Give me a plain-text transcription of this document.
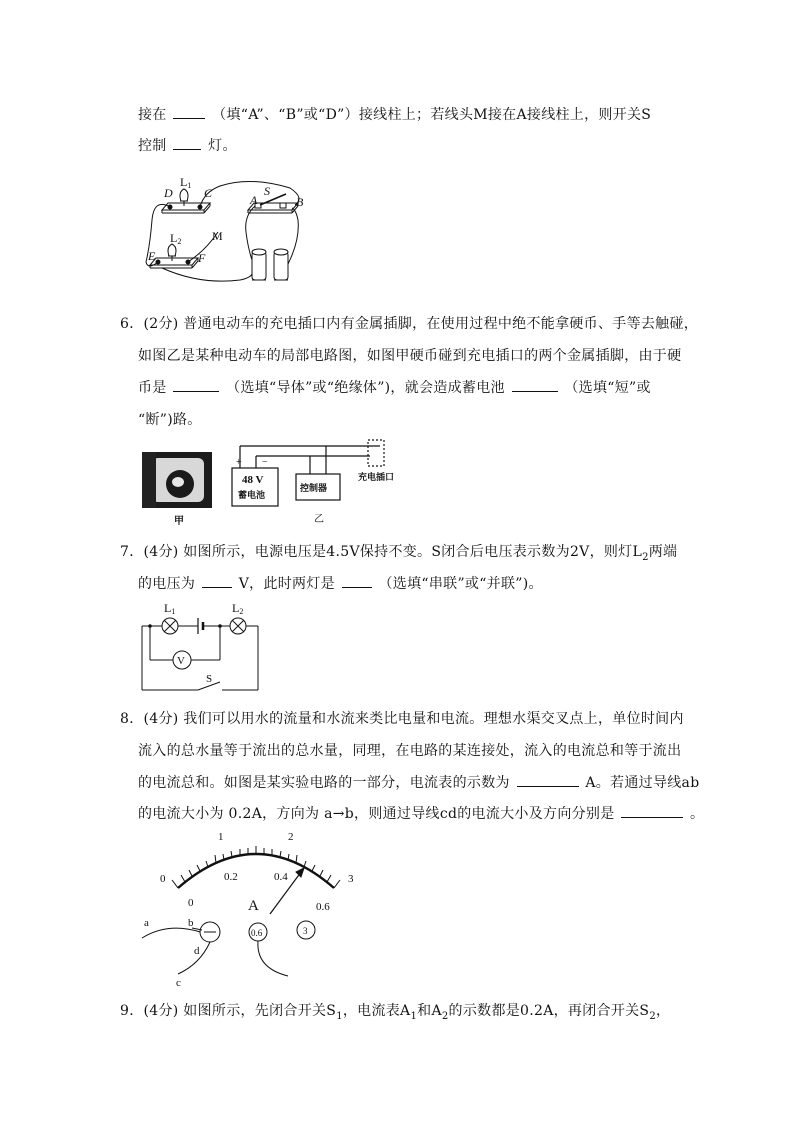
接在	（填“A”、“B”或“D”）接线柱上；若线头M接在A接线柱上，则开关S
控制	灯。
D
L1
C	A
S
B
L2	M
E	F
6．(2分) 普通电动车的充电插口内有金属插脚，在使用过程中绝不能拿硬币、手等去触碰，
如图乙是某种电动车的局部电路图，如图甲硬币碰到充电插口的两个金属插脚，由于硬
币是	（选填“导体”或“绝缘体”)，就会造成蓄电池	（选填“短”或
“断”)路。
甲
+ −
48 V
蓄电池
控制器
充电插口
乙
7．(4分) 如图所示，电源电压是4.5V保持不变。S闭合后电压表示数为2V，则灯$L_2$两端
的电压为	V，此时两灯是	（选填“串联”或“并联”)。
L1	L2
V
S
8．(4分) 我们可以用水的流量和水流来类比电量和电流。理想水渠交叉点上，单位时间内
流入的总水量等于流出的总水量，同理，在电路的某连接处，流入的电流总和等于流出
的电流总和。如图是某实验电路的一部分，电流表的示数为	A。若通过导线ab
的电流大小为 0.2A，方向为 a→b，则通过导线cd的电流大小及方向分别是	。
0
1	2
3
0
0.2	0.4
0.6
A
a	b
d
c
0.6	3
9．(4分) 如图所示，先闭合开关$S_1$，电流表$A_1$和$A_2$的示数都是0.2A，再闭合开关$S_2$，
